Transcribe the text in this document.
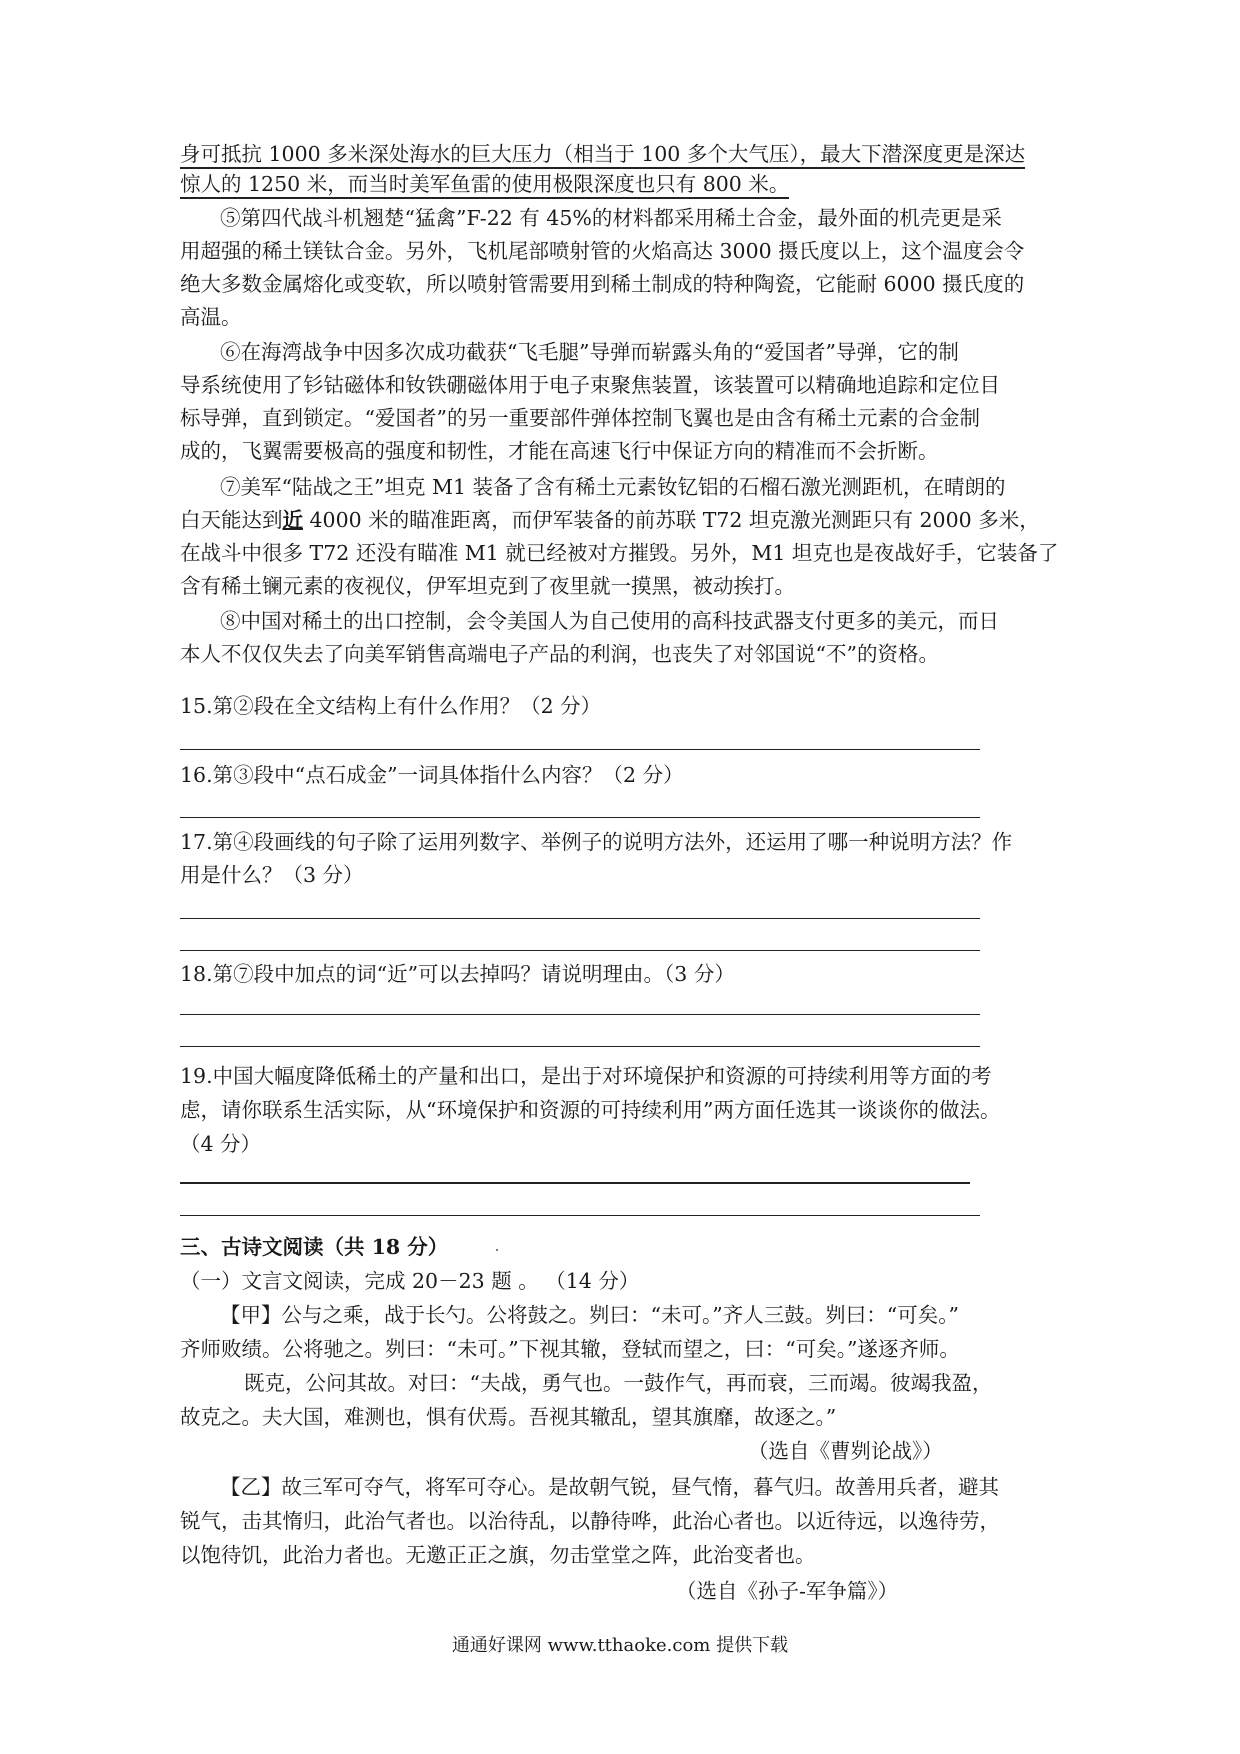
身可抵抗 1000 多米深处海水的巨大压力（相当于 100 多个大气压），最大下潜深度更是深达
惊人的 1250 米，而当时美军鱼雷的使用极限深度也只有 800 米。
⑤第四代战斗机翘楚“猛禽”F-22 有 45%的材料都采用稀土合金，最外面的机壳更是采
用超强的稀土镁钛合金。另外，飞机尾部喷射管的火焰高达 3000 摄氏度以上，这个温度会令
绝大多数金属熔化或变软，所以喷射管需要用到稀土制成的特种陶瓷，它能耐 6000 摄氏度的
高温。
⑥在海湾战争中因多次成功截获“飞毛腿”导弹而崭露头角的“爱国者”导弹，它的制
导系统使用了钐钴磁体和钕铁硼磁体用于电子束聚焦装置，该装置可以精确地追踪和定位目
标导弹，直到锁定。“爱国者”的另一重要部件弹体控制飞翼也是由含有稀土元素的合金制
成的，飞翼需要极高的强度和韧性，才能在高速飞行中保证方向的精准而不会折断。
⑦美军“陆战之王”坦克 M1 装备了含有稀土元素钕钇铝的石榴石激光测距机，在晴朗的
白天能达到近 4000 米的瞄准距离，而伊军装备的前苏联 T72 坦克激光测距只有 2000 多米，
在战斗中很多 T72 还没有瞄准 M1 就已经被对方摧毁。另外，M1 坦克也是夜战好手，它装备了
含有稀土镧元素的夜视仪，伊军坦克到了夜里就一摸黑，被动挨打。
⑧中国对稀土的出口控制，会令美国人为自己使用的高科技武器支付更多的美元，而日
本人不仅仅失去了向美军销售高端电子产品的利润，也丧失了对邻国说“不”的资格。
15.第②段在全文结构上有什么作用？（2 分）
16.第③段中“点石成金”一词具体指什么内容？（2 分）
17.第④段画线的句子除了运用列数字、举例子的说明方法外，还运用了哪一种说明方法？作
用是什么？（3 分）
18.第⑦段中加点的词“近”可以去掉吗？请说明理由。（3 分）
19.中国大幅度降低稀土的产量和出口，是出于对环境保护和资源的可持续利用等方面的考
虑，请你联系生活实际，从“环境保护和资源的可持续利用”两方面任选其一谈谈你的做法。
（4 分）
三、古诗文阅读（共 18 分）
（一）文言文阅读，完成 20－23 题 。 （14 分）
【甲】公与之乘，战于长勺。公将鼓之。刿曰：“未可。”齐人三鼓。刿曰：“可矣。”
齐师败绩。公将驰之。刿曰：“未可。”下视其辙，登轼而望之，曰：“可矣。”遂逐齐师。
既克，公问其故。对曰：“夫战，勇气也。一鼓作气，再而衰，三而竭。彼竭我盈，
故克之。夫大国，难测也，惧有伏焉。吾视其辙乱，望其旗靡，故逐之。”
（选自《曹刿论战》）
【乙】故三军可夺气，将军可夺心。是故朝气锐，昼气惰，暮气归。故善用兵者，避其
锐气，击其惰归，此治气者也。以治待乱，以静待哗，此治心者也。以近待远，以逸待劳，
以饱待饥，此治力者也。无邀正正之旗，勿击堂堂之阵，此治变者也。
（选自《孙子-军争篇》）
通通好课网 www.tthaoke.com 提供下载
